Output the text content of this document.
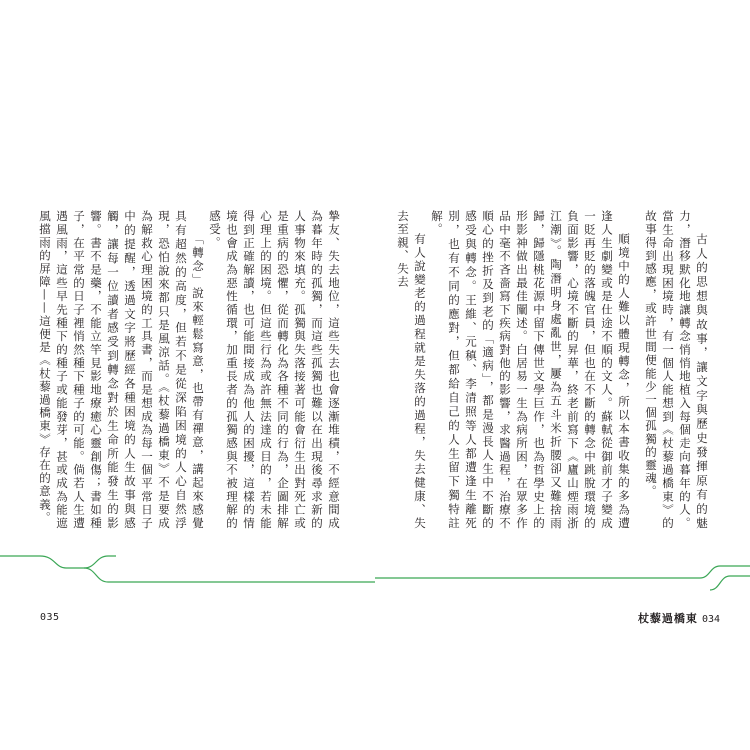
摯友、失去地位，這些失去也會逐漸堆積，不經意間成為暮年時的孤獨，而這些孤獨也難以在出現後尋求新的人事物來填充。孤獨與失落接著可能會衍生出對死亡或是重病的恐懼，從而轉化為各種不同的行為，企圖排解心理上的困境。但這些行為或許無法達成目的，若未能得到正確解讀，也可能間接成為他人的困擾，這樣的情境也會成為惡性循環，加重長者的孤獨感與不被理解的感受。

「轉念」說來輕鬆寫意，也帶有禪意，講起來感覺具有超然的高度，但若不是從深陷困境的人心自然浮現，恐怕說來都只是風涼話。《杖藜過橋東》不是要成為解救心理困境的工具書，而是想成為每一個平常日子中的提醒，透過文字將歷經各種困境的人生故事與感觸，讓每一位讀者感受到轉念對於生命所能發生的影響。書不是藥，不能立竿見影地療癒心靈創傷；書如種子，在平常的日子裡悄然種下種子的可能。倘若人生遭遇風雨，這些早先種下的種子或能發芽，甚或成為能遮風擋雨的屏障——這便是《杖藜過橋東》存在的意義。	古人的思想與故事，讓文字與歷史發揮原有的魅力，潛移默化地讓轉念悄悄地植入每個走向暮年的人。當生命出現困境時，有一個人能想到《杖藜過橋東》的故事得到感應，或許世間便能少一個孤獨的靈魂。

順境中的人難以體現轉念，所以本書收集的多為遭逢人生劇變或是仕途不順的文人。蘇軾從御前才子變成一貶再貶的落魄官員，但也在不斷的轉念中跳脫環境的負面影響，心境不斷的昇華，終老前寫下《廬山煙雨浙江潮》。陶潛明身處亂世，屢為五斗米折腰卻又難捨雨歸，歸隱桃花源中留下傳世文學巨作，也為哲學史上的形影神做出最佳闡述。白居易一生為病所困，在眾多作品中毫不吝嗇寫下疾病對他的影響，求醫過程，治療不順心的挫折及到老的「適病」，都是漫長人生中不斷的感受與轉念。王維、元稹、李清照等人都遭逢生離死別，也有不同的應對，但都給自己的人生留下獨特註解。

有人說變老的過程就是失落的過程，失去健康、失去至親、失去

035	杖藜過橋東 034
